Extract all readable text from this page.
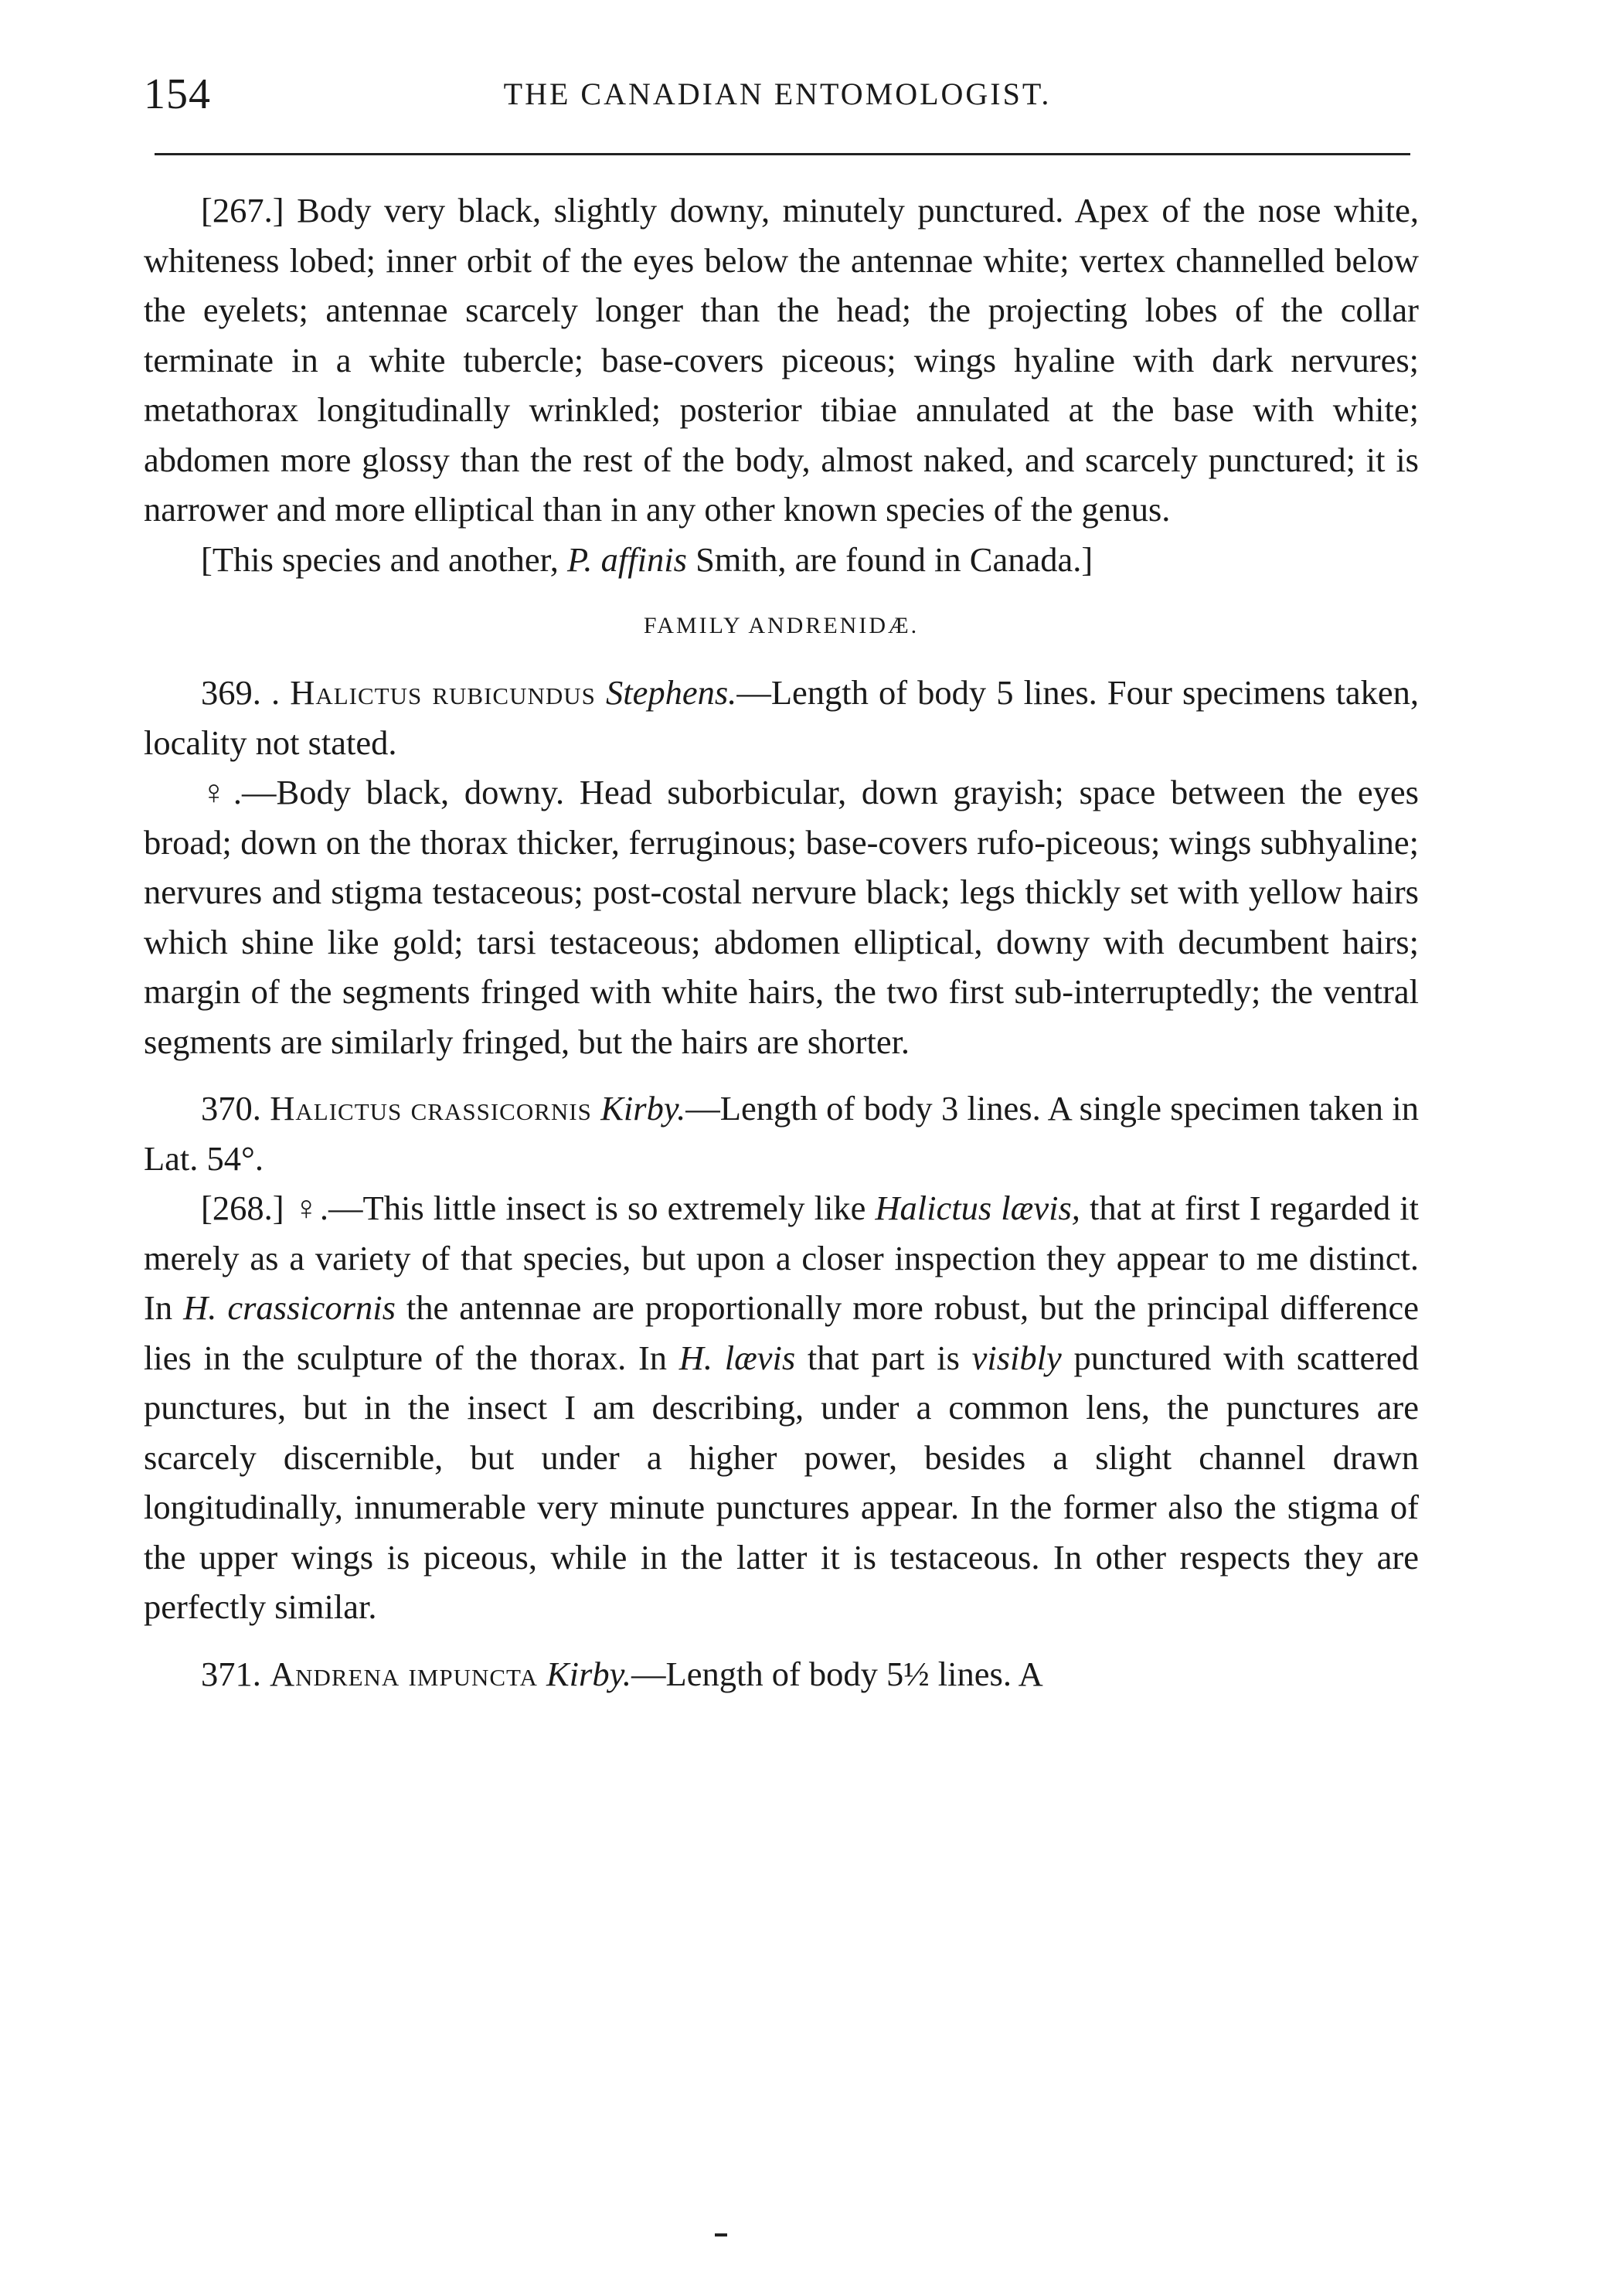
154	THE CANADIAN ENTOMOLOGIST.

[267.] Body very black, slightly downy, minutely punctured. Apex of the nose white, whiteness lobed; inner orbit of the eyes below the antennae white; vertex channelled below the eyelets; antennae scarcely longer than the head; the projecting lobes of the collar terminate in a white tubercle; base-covers piceous; wings hyaline with dark nervures; metathorax longitudinally wrinkled; posterior tibiae annulated at the base with white; abdomen more glossy than the rest of the body, almost naked, and scarcely punctured; it is narrower and more elliptical than in any other known species of the genus.

[This species and another, P. affinis Smith, are found in Canada.]

FAMILY ANDRENIDÆ.

369. . Halictus rubicundus Stephens.—Length of body 5 lines. Four specimens taken, locality not stated.

♀.—Body black, downy. Head suborbicular, down grayish; space between the eyes broad; down on the thorax thicker, ferruginous; base-covers rufo-piceous; wings subhyaline; nervures and stigma testaceous; post-costal nervure black; legs thickly set with yellow hairs which shine like gold; tarsi testaceous; abdomen elliptical, downy with decumbent hairs; margin of the segments fringed with white hairs, the two first sub-interruptedly; the ventral segments are similarly fringed, but the hairs are shorter.

370. Halictus crassicornis Kirby.—Length of body 3 lines. A single specimen taken in Lat. 54°.

[268.] ♀.—This little insect is so extremely like Halictus lævis, that at first I regarded it merely as a variety of that species, but upon a closer inspection they appear to me distinct. In H. crassicornis the antennae are proportionally more robust, but the principal difference lies in the sculpture of the thorax. In H. lævis that part is visibly punctured with scattered punctures, but in the insect I am describing, under a common lens, the punctures are scarcely discernible, but under a higher power, besides a slight channel drawn longitudinally, innumerable very minute punctures appear. In the former also the stigma of the upper wings is piceous, while in the latter it is testaceous. In other respects they are perfectly similar.

371. Andrena impuncta Kirby.—Length of body 5½ lines. A
